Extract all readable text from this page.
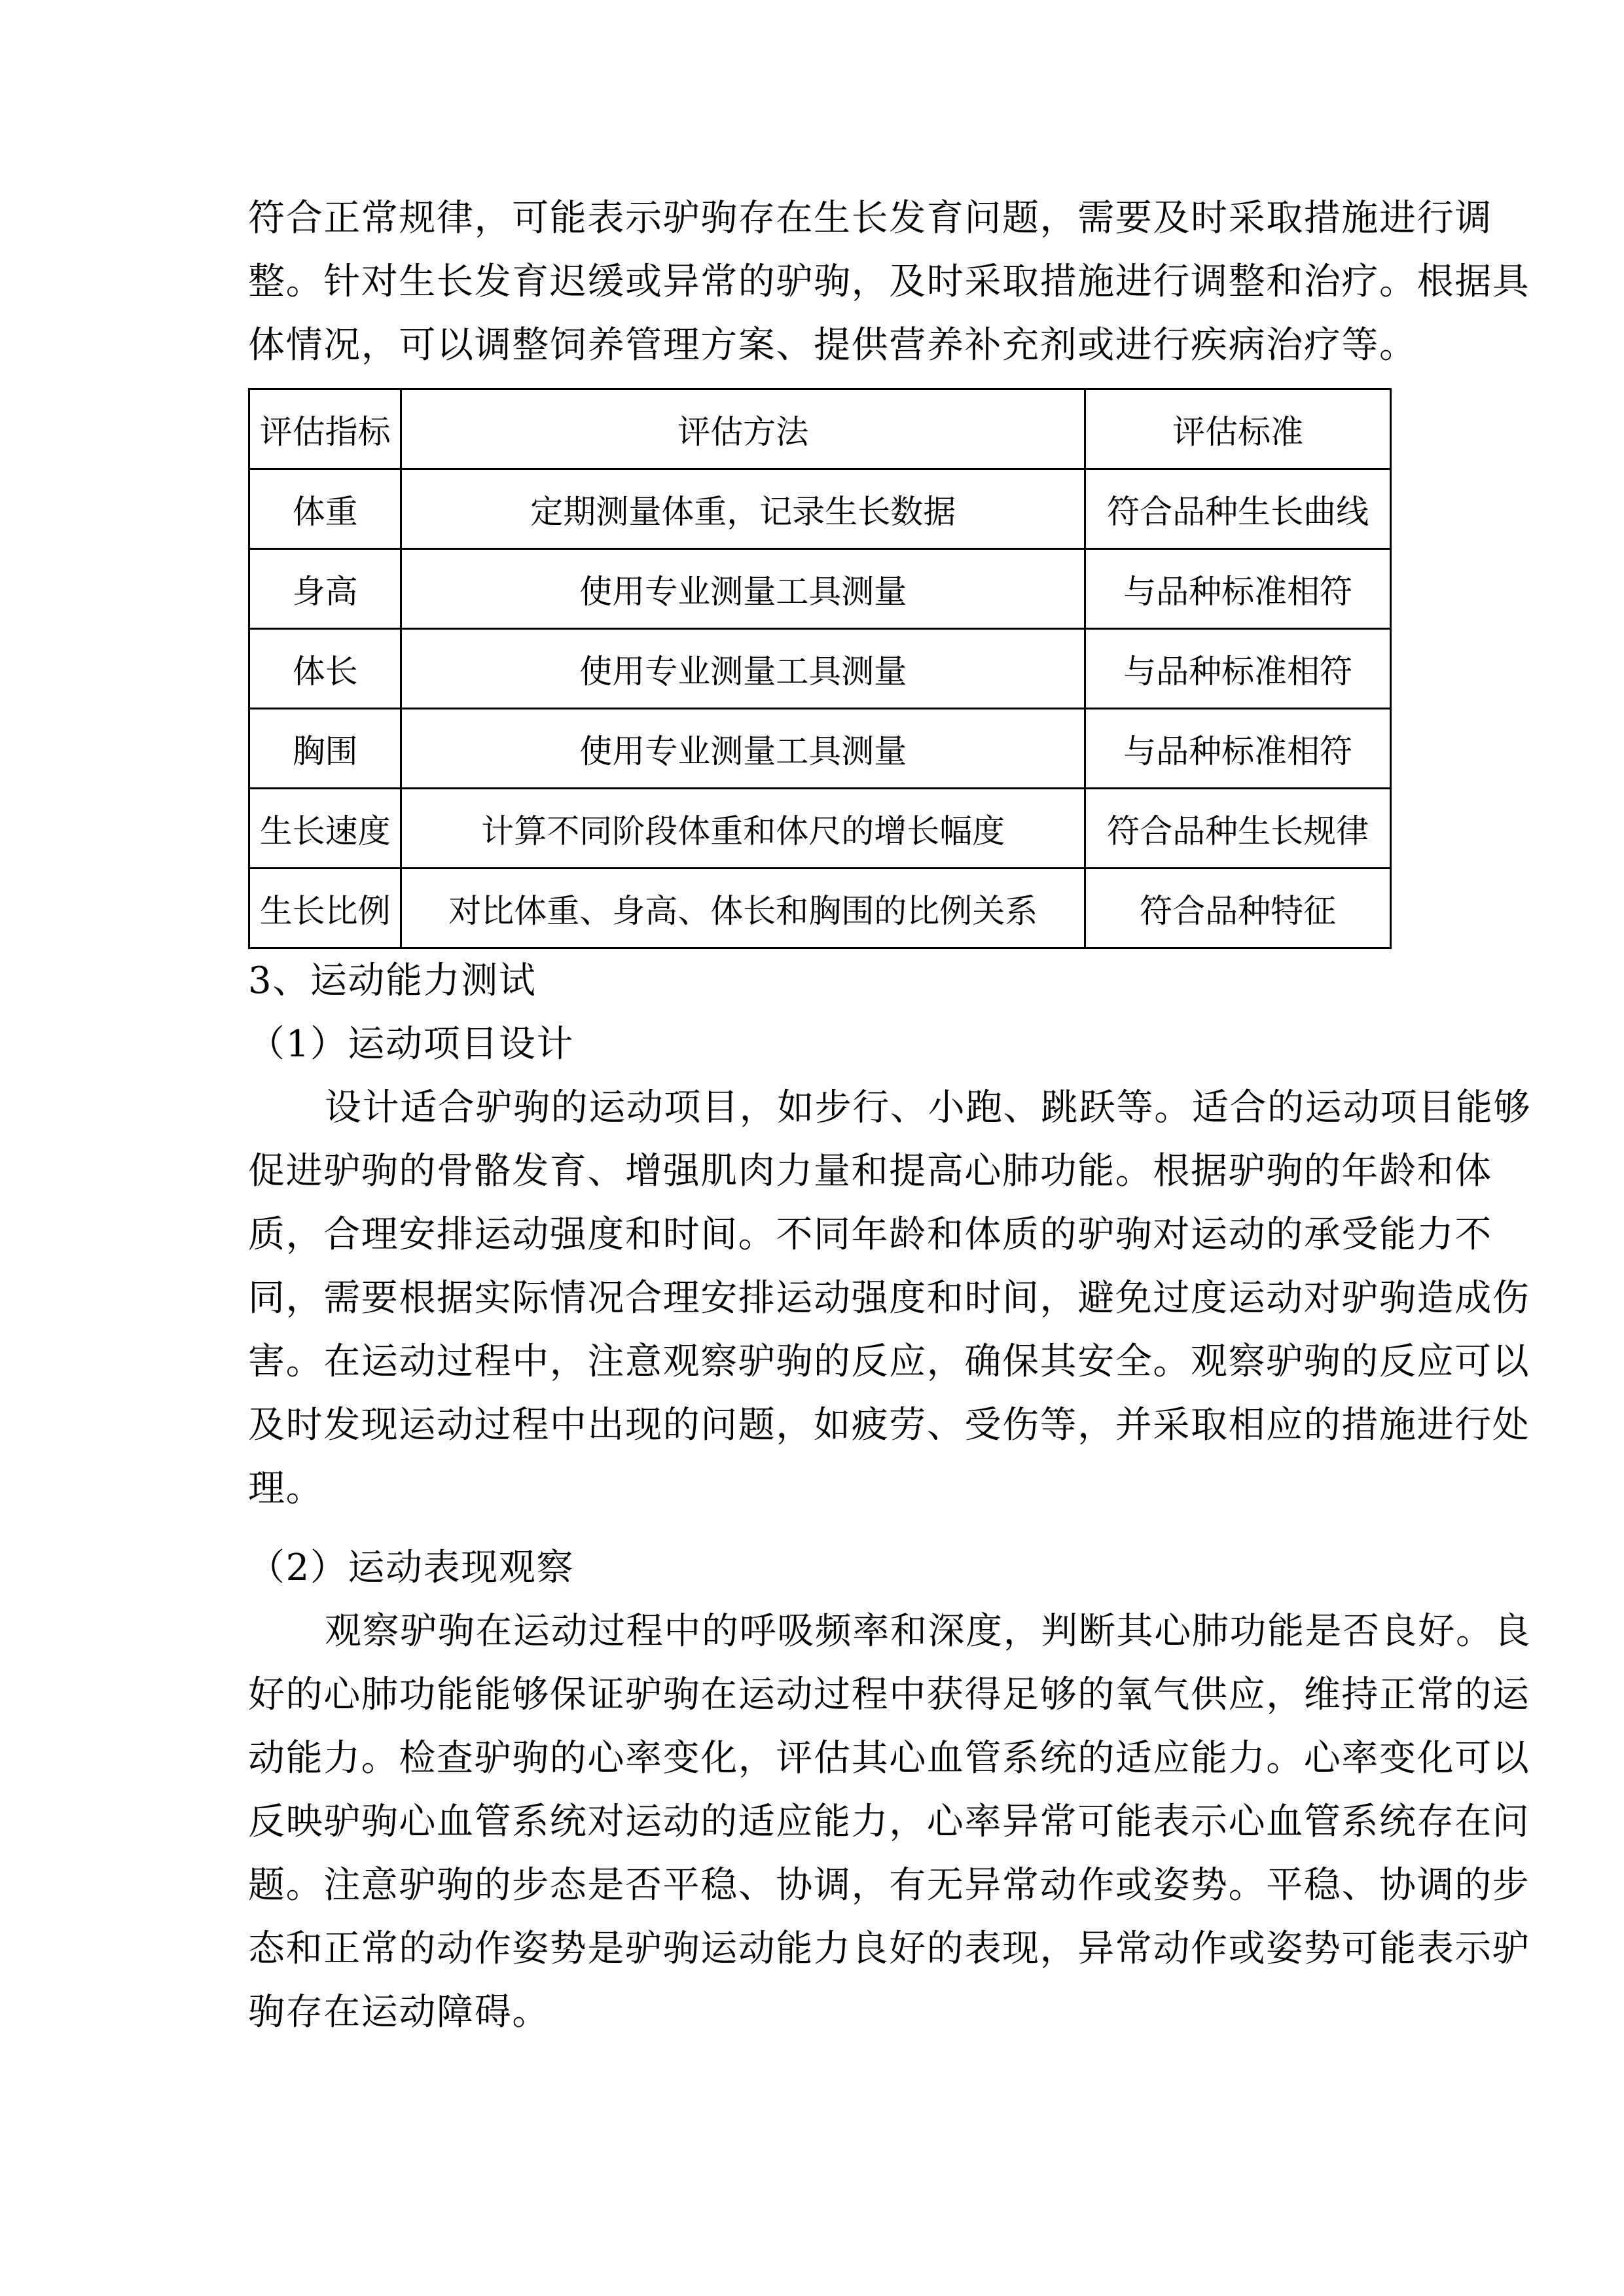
符合正常规律，可能表示驴驹存在生长发育问题，需要及时采取措施进行调
整。针对生长发育迟缓或异常的驴驹，及时采取措施进行调整和治疗。根据具
体情况，可以调整饲养管理方案、提供营养补充剂或进行疾病治疗等。
评估指标	评估方法	评估标准
体重	定期测量体重，记录生长数据	符合品种生长曲线
身高	使用专业测量工具测量	与品种标准相符
体长	使用专业测量工具测量	与品种标准相符
胸围	使用专业测量工具测量	与品种标准相符
生长速度	计算不同阶段体重和体尺的增长幅度	符合品种生长规律
生长比例	对比体重、身高、体长和胸围的比例关系	符合品种特征
3、运动能力测试
（1）运动项目设计
设计适合驴驹的运动项目，如步行、小跑、跳跃等。适合的运动项目能够
促进驴驹的骨骼发育、增强肌肉力量和提高心肺功能。根据驴驹的年龄和体
质，合理安排运动强度和时间。不同年龄和体质的驴驹对运动的承受能力不
同，需要根据实际情况合理安排运动强度和时间，避免过度运动对驴驹造成伤
害。在运动过程中，注意观察驴驹的反应，确保其安全。观察驴驹的反应可以
及时发现运动过程中出现的问题，如疲劳、受伤等，并采取相应的措施进行处
理。
（2）运动表现观察
观察驴驹在运动过程中的呼吸频率和深度，判断其心肺功能是否良好。良
好的心肺功能能够保证驴驹在运动过程中获得足够的氧气供应，维持正常的运
动能力。检查驴驹的心率变化，评估其心血管系统的适应能力。心率变化可以
反映驴驹心血管系统对运动的适应能力，心率异常可能表示心血管系统存在问
题。注意驴驹的步态是否平稳、协调，有无异常动作或姿势。平稳、协调的步
态和正常的动作姿势是驴驹运动能力良好的表现，异常动作或姿势可能表示驴
驹存在运动障碍。
